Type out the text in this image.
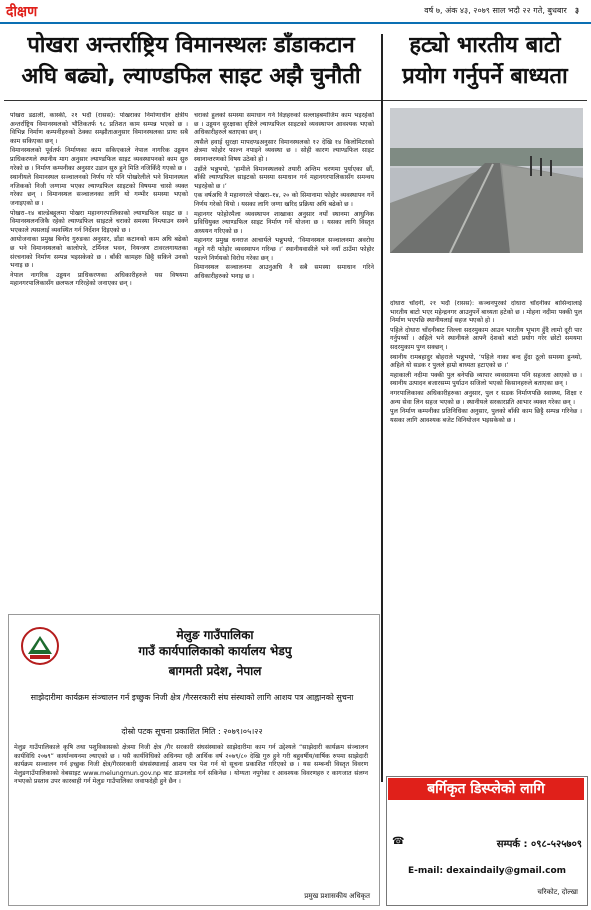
दीक्षण	वर्ष ७, अंक ४३, २०७९ साल भदौ २२ गते, बुधबार ३
पोखरा अन्तर्राष्ट्रिय विमानस्थलः डाँडाकटान अघि बढ्यो, ल्याण्डफिल साइट अझै चुनौती
हट्यो भारतीय बाटो प्रयोग गर्नुपर्ने बाध्यता

पोखरा डढाली, कास्की, २१ भदौ (रासस): पोखराका निर्माणाधीन क्षेत्रीय अन्तर्राष्ट्रिय विमानस्थलको भौतिकतर्फ ९८ प्रतिशत काम सम्पन्न भएको छ । विभिन्न निर्माण कम्पनीहरुको ठेक्का सम्झौताअनुसार विमानस्थलका प्रायः सबै काम सकिएका छन् ।

विमानस्थलको पूर्वतर्फ निर्माणका काम सकिएकाले नेपाल नागरिक उड्डयन प्राधिकरणले स्थानीय माग अनुसार ल्याण्डफिल साइट व्यवस्थापनको काम सुरु गरेको छ । निर्माण कम्पनीका अनुसार उडान सुरु हुने मिति नजिकिँदै गएको छ ।

स्थानीयले विमानस्थल सञ्चालनको निर्णय गरे पनि पोखरेलीले भने विमानस्थल नजिकको निजी जग्गामा भएका ल्याण्डफिल साइटको विषयमा चासो व्यक्त गरेका छन् । विमानस्थल सञ्चालनका लागि यो गम्भीर समस्या भएको जनाइएको छ ।

पोखरा–१४ बाल्डेबहुलमा पोखरा महानगरपालिकाको ल्याण्डफिल साइट छ । विमानस्थलनजिकै रहेको ल्याण्डफिल साइटले चराको समस्या निम्त्याउन सक्ने भएकाले त्यसलाई व्यवस्थित गर्न निर्देशन दिइएको छ ।

आयोजनाका प्रमुख बिनोद गुरुङका अनुसार, डाँडा कटानको काम अघि बढेको छ भने विमानस्थलको कालोपत्रे, टर्मिनल भवन, नियन्त्रण टावरलगायतका संरचनाको निर्माण सम्पन्न भइसकेको छ । बाँकी कामहरु छिट्टै सकिने उनको भनाइ छ ।

नेपाल नागरिक उड्डयन प्राधिकरणका अधिकारीहरुले यस विषयमा महानगरपालिकासँग छलफल गरिरहेको जनाएका छन् ।

चराको हुलको समस्या समाधान गर्न विज्ञहरुको सल्लाहबमोजिम काम भइरहेको छ । उड्डयन सुरक्षाका दृष्टिले ल्याण्डफिल साइटको व्यवस्थापन आवश्यक भएको अधिकारीहरुले बताएका छन् ।

त्यसैले हवाई सुरक्षा मापदण्डअनुसार विमानस्थलको १२ देखि १४ किलोमिटरको क्षेत्रमा फोहोर फाल्न नपाइने व्यवस्था छ । सोही कारण ल्याण्डफिल साइट स्थानान्तरणको विषय उठेको हो ।

उहाँले भन्नुभयो, ‘हामीले विमानस्थलको तयारी अन्तिम चरणमा पुर्याएका छौं, बाँकी ल्याण्डफिल साइटको समस्या समाधान गर्न महानगरपालिकासँग समन्वय भइरहेको छ ।’

एक वर्षअघि नै महानगरले पोखरा–१४, २० को सिमानामा फोहोर व्यवस्थापन गर्ने निर्णय गरेको थियो । यसका लागि जग्गा खरिद प्रक्रिया अघि बढेको छ ।

महानगर फोहोरमैला व्यवस्थापन शाखाका अनुसार नयाँ स्थानमा आधुनिक प्रविधियुक्त ल्याण्डफिल साइट निर्माण गर्ने योजना छ । यसका लागि विस्तृत अध्ययन गरिएको छ ।

महानगर प्रमुख धनराज आचार्यले भन्नुभयो, ‘विमानस्थल सञ्चालनमा अवरोध नहुने गरी फोहोर व्यवस्थापन गरिन्छ ।’ स्थानीयवासीले भने नयाँ ठाउँमा फोहोर फाल्ने निर्णयको विरोध गरेका छन् ।

विमानस्थल सञ्चालनमा आउनुअघि नै सबै समस्या समाधान गरिने अधिकारीहरुको भनाइ छ ।

दोधारा चाँदनी, २१ भदौ (रासस): कञ्चनपुरको दोधारा चाँदनीका बासिन्दालाई भारतीय बाटो भएर महेन्द्रनगर आउनुपर्ने बाध्यता हटेको छ । मोहना नदीमा पक्की पुल निर्माण भएपछि स्थानीयलाई सहज भएको हो ।

पहिले दोधारा चाँदनीबाट जिल्ला सदरमुकाम आउन भारतीय भूभाग हुँदै लामो दूरी पार गर्नुपर्थ्यो । अहिले भने स्थानीयले आफ्नै देशको बाटो प्रयोग गरेर छोटो समयमा सदरमुकाम पुग्न सक्छन् ।

स्थानीय रामबहादुर बोहराले भन्नुभयो, ‘पहिले नाका बन्द हुँदा ठूलो समस्या हुन्थ्यो, अहिले यो सडक र पुलले हाम्रो बाध्यता हटाएको छ ।’

महाकाली नदीमा पक्की पुल बनेपछि व्यापार व्यवसायमा पनि सहजता आएको छ । स्थानीय उत्पादन बजारसम्म पुर्याउन सजिलो भएको किसानहरुले बताएका छन् ।

नगरपालिकाका अधिकारीहरुका अनुसार, पुल र सडक निर्माणपछि स्वास्थ्य, शिक्षा र अन्य सेवा लिन सहज भएको छ । स्थानीयले सरकारप्रति आभार व्यक्त गरेका छन् ।

पुल निर्माण कम्पनीका प्रतिनिधिका अनुसार, पुलको बाँकी काम छिट्टै सम्पन्न गरिनेछ । यसका लागि आवश्यक बजेट विनियोजन भइसकेको छ ।

मेलुङ गाउँपालिका
गाउँ कार्यपालिकाको कार्यालय भेडपु
बागमती प्रदेश, नेपाल
साझेदारीमा कार्यक्रम संञ्चालन गर्न इच्छुक निजी क्षेत्र /गैरसरकारी संघ संस्थाको लागि आशय पत्र आह्वानको सुचना
दोस्रो पटक सूचना प्रकाशित मिति : २०७९।०५।२२
मेलुङ गाउँपालिकाले कृषि तथा पशुविकासको क्षेत्रमा निजी क्षेत्र /गैर सरकारी संघसंस्थाको साझेदारीमा काम गर्न उद्देश्यले “साझेदारी कार्यक्रम संञ्चालन कार्यविधि २०७९” कार्यान्वयनमा ल्याएको छ । यसै कार्यविधिको अधिनमा रही आर्थिक वर्ष २०७९/८० देखि गुरु हुने गरी बहुवर्षीय/वार्षिक रुपमा साझेदारी कार्यक्रम सञ्चालन गर्न इच्छुक निजी क्षेत्र/गैरसरकारी संघसंस्थालाई आशय पत्र पेश गर्न यो सूचना प्रकाशित गरिएको छ । यस सम्बन्धी विस्तृत विवरण मेलुङगाउँपालिकाको वेबसाइट www.melungmun.gov.np बाट डाउनलोड गर्न सकिनेछ । योग्यता नपुगेका र आवश्यक विवरणहरु र कागजात संलग्न नभएको प्रस्ताव उपर कारबाही गर्न मेलुङ गाउँपालिका जवाफदेही हुने छैन ।
प्रमुख प्रशासकीय अधिकृत
बर्गिकृत डिस्प्लेको लागि
☎	सम्पर्क : ०९८-५२५७०९
E-mail: dexaindaily@gmail.com
चरिकोट, दोल्खा
